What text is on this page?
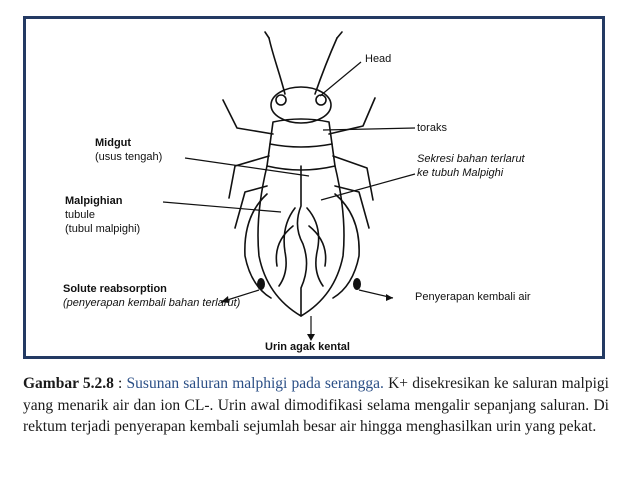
Head
toraks
Sekresi bahan terlarut
ke tubuh Malpighi
Midgut
(usus tengah)
Malpighian
tubule
(tubul malpighi)
Solute reabsorption
(penyerapan kembali bahan terlarut)	Penyerapan kembali air
Urin agak kental
Gambar 5.2.8 : Susunan saluran malphigi pada serangga. K+ disekresikan ke saluran malpigi yang menarik air dan ion CL-. Urin awal dimodifikasi selama mengalir sepanjang saluran. Di rektum terjadi penyerapan kembali sejumlah besar air hingga menghasilkan urin yang pekat.
